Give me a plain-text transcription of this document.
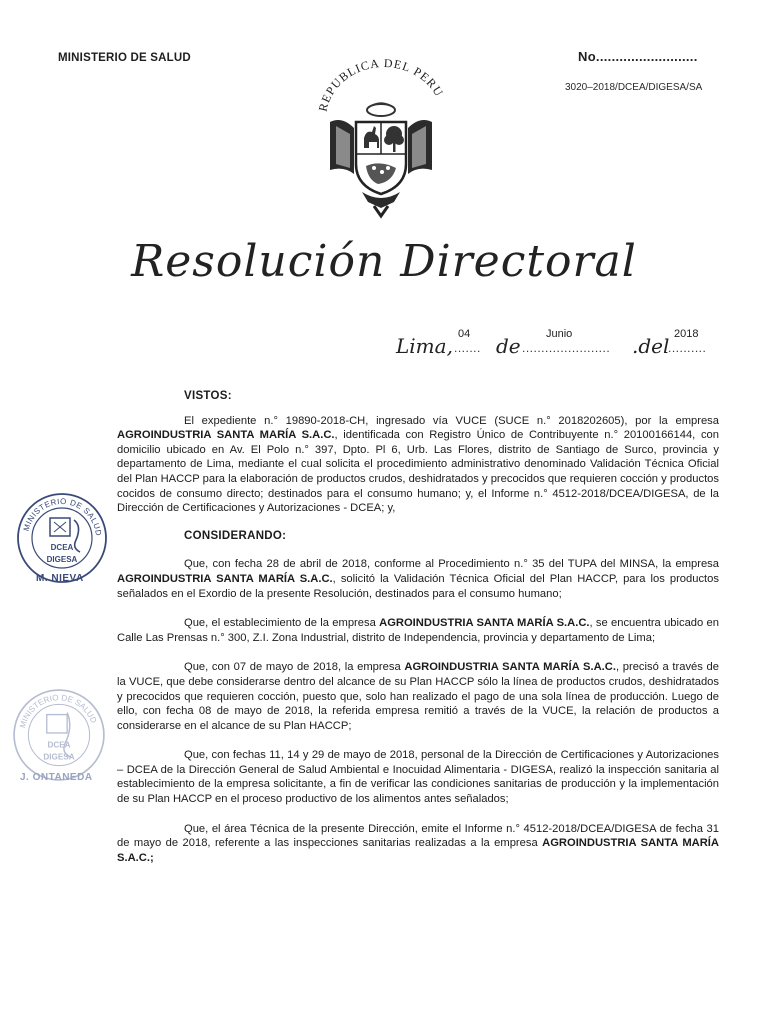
MINISTERIO DE SALUD	No..........................
3020–2018/DCEA/DIGESA/SA
REPUBLICA DEL PERU
Resolución Directoral
Lima, .......
04 de .......................
Junio	.del
..........
2018
VISTOS:

El expediente n.° 19890-2018-CH, ingresado vía VUCE (SUCE n.° 2018202605), por la empresa AGROINDUSTRIA SANTA MARÍA S.A.C., identificada con Registro Único de Contribuyente n.° 20100166144, con domicilio ubicado en Av. El Polo n.° 397, Dpto. Pl 6, Urb. Las Flores, distrito de Santiago de Surco, provincia y departamento de Lima, mediante el cual solicita el procedimiento administrativo denominado Validación Técnica Oficial del Plan HACCP para la elaboración de productos crudos, deshidratados y precocidos que requieren cocción y productos cocidos de consumo directo; destinados para el consumo humano; y, el Informe n.° 4512-2018/DCEA/DIGESA, de la Dirección de Certificaciones y Autorizaciones - DCEA; y,

CONSIDERANDO:

Que, con fecha 28 de abril de 2018, conforme al Procedimiento n.° 35 del TUPA del MINSA, la empresa AGROINDUSTRIA SANTA MARÍA S.A.C., solicitó la Validación Técnica Oficial del Plan HACCP, para los productos señalados en el Exordio de la presente Resolución, destinados para el consumo humano;

Que, el establecimiento de la empresa AGROINDUSTRIA SANTA MARÍA S.A.C., se encuentra ubicado en Calle Las Prensas n.° 300, Z.I. Zona Industrial, distrito de Independencia, provincia y departamento de Lima;

Que, con 07 de mayo de 2018, la empresa AGROINDUSTRIA SANTA MARÍA S.A.C., precisó a través de la VUCE, que debe considerarse dentro del alcance de su Plan HACCP sólo la línea de productos crudos, deshidratados y precocidos que requieren cocción, puesto que, solo han realizado el pago de una sola línea de producción. Luego de ello, con fecha 08 de mayo de 2018, la referida empresa remitió a través de la VUCE, la relación de productos a considerarse en el alcance de su Plan HACCP;

Que, con fechas 11, 14 y 29 de mayo de 2018, personal de la Dirección de Certificaciones y Autorizaciones – DCEA de la Dirección General de Salud Ambiental e Inocuidad Alimentaria - DIGESA, realizó la inspección sanitaria al establecimiento de la empresa solicitante, a fin de verificar las condiciones sanitarias de producción y la implementación de su Plan HACCP en el proceso productivo de los alimentos antes señalados;

Que, el área Técnica de la presente Dirección, emite el Informe n.° 4512-2018/DCEA/DIGESA de fecha 31 de mayo de 2018, referente a las inspecciones sanitarias realizadas a la empresa AGROINDUSTRIA SANTA MARÍA S.A.C.;

MINISTERIO DE SALUD
DCEA
DIGESA
M. NIEVA
MINISTERIO DE SALUD
DCEA
DIGESA
J. ONTANEDA
